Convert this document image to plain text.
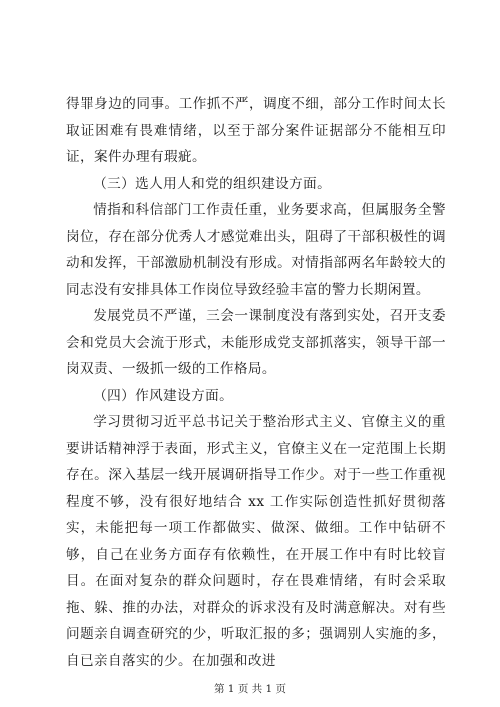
得罪身边的同事。工作抓不严，调度不细，部分工作时间太长取证困难有畏难情绪，以至于部分案件证据部分不能相互印证，案件办理有瑕疵。

（三）选人用人和党的组织建设方面。

情指和科信部门工作责任重，业务要求高，但属服务全警岗位，存在部分优秀人才感觉难出头，阻碍了干部积极性的调动和发挥，干部激励机制没有形成。对情指部两名年龄较大的同志没有安排具体工作岗位导致经验丰富的警力长期闲置。

发展党员不严谨，三会一课制度没有落到实处，召开支委会和党员大会流于形式，未能形成党支部抓落实，领导干部一岗双责、一级抓一级的工作格局。

（四）作风建设方面。

学习贯彻习近平总书记关于整治形式主义、官僚主义的重要讲话精神浮于表面，形式主义，官僚主义在一定范围上长期存在。深入基层一线开展调研指导工作少。对于一些工作重视程度不够，没有很好地结合 xx 工作实际创造性抓好贯彻落实，未能把每一项工作都做实、做深、做细。工作中钻研不够，自己在业务方面存有依赖性，在开展工作中有时比较盲目。在面对复杂的群众问题时，存在畏难情绪，有时会采取拖、躲、推的办法，对群众的诉求没有及时满意解决。对有些问题亲自调查研究的少，听取汇报的多；强调别人实施的多，自已亲自落实的少。在加强和改进

第 1 页 共 1 页
